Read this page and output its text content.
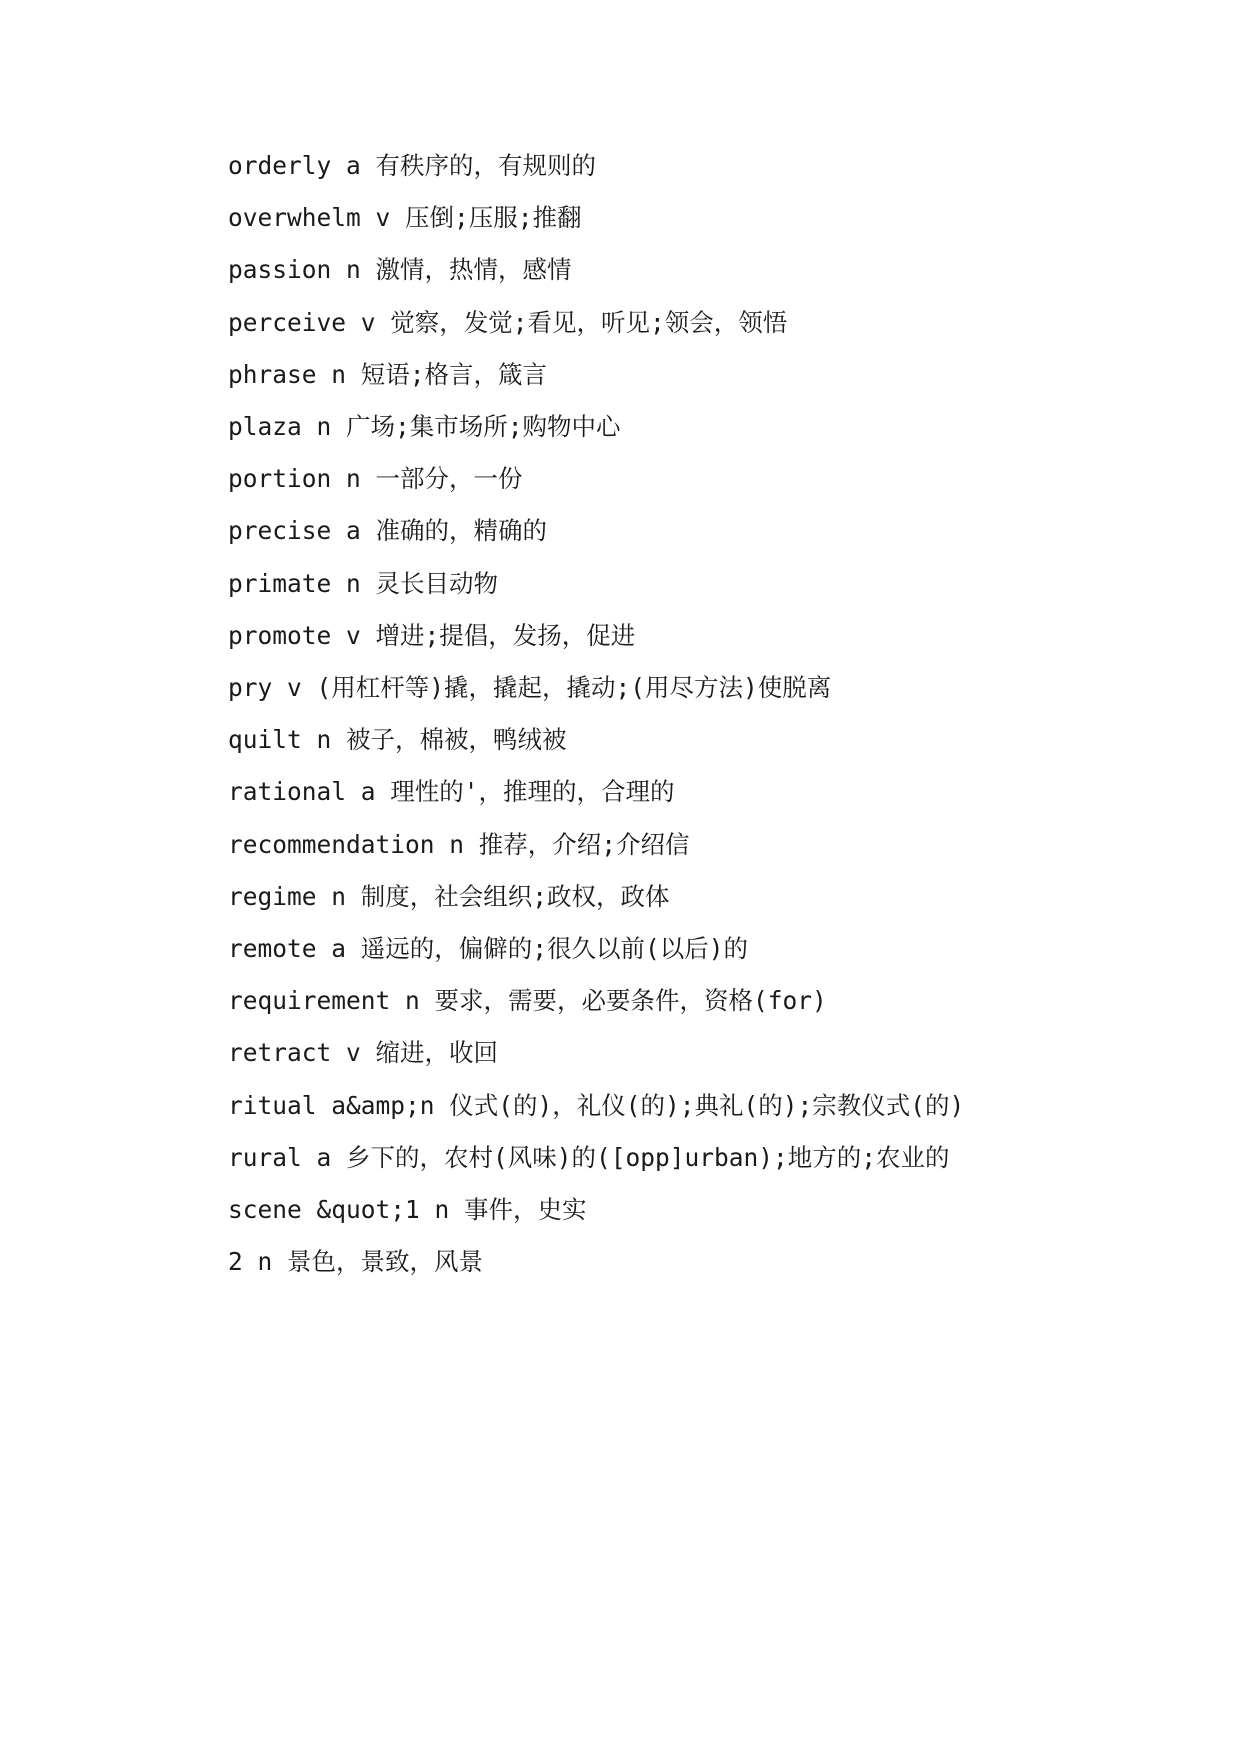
orderly a 有秩序的，有规则的

overwhelm v 压倒;压服;推翻

passion n 激情，热情，感情

perceive v 觉察，发觉;看见，听见;领会，领悟

phrase n 短语;格言，箴言

plaza n 广场;集市场所;购物中心

portion n 一部分，一份

precise a 准确的，精确的

primate n 灵长目动物

promote v 增进;提倡，发扬，促进

pry v (用杠杆等)撬，撬起，撬动;(用尽方法)使脱离

quilt n 被子，棉被，鸭绒被

rational a 理性的'，推理的，合理的

recommendation n 推荐，介绍;介绍信

regime n 制度，社会组织;政权，政体

remote a 遥远的，偏僻的;很久以前(以后)的

requirement n 要求，需要，必要条件，资格(for)

retract v 缩进，收回

ritual a&amp;n 仪式(的)，礼仪(的);典礼(的);宗教仪式(的)

rural a 乡下的，农村(风味)的([opp]urban);地方的;农业的

scene &quot;1 n 事件，史实

2 n 景色，景致，风景
